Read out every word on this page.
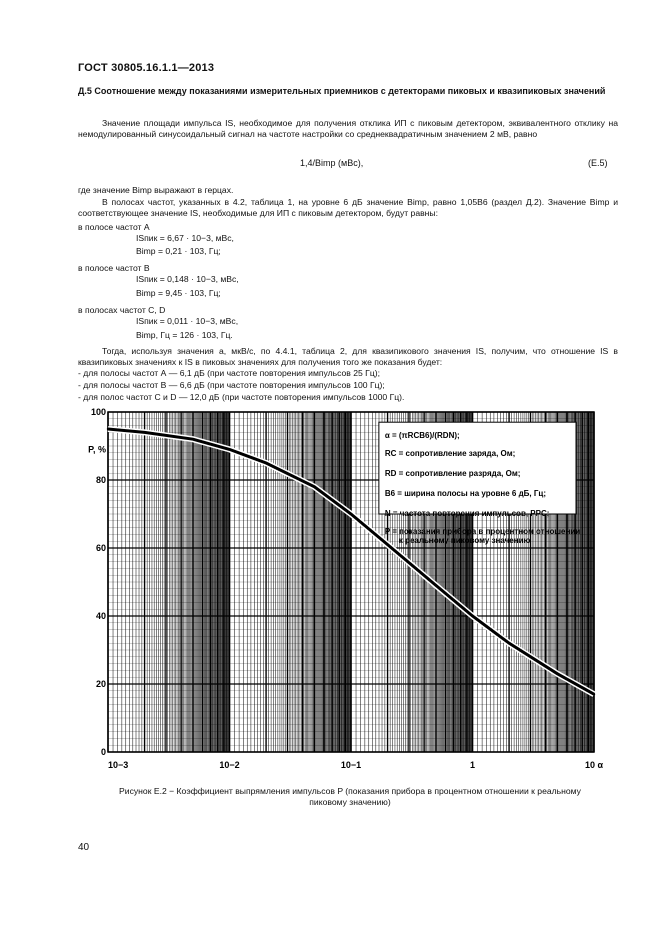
ГОСТ 30805.16.1.1—2013
Д.5 Соотношение между показаниями измерительных приемников с детекторами пиковых и квазипиковых значений
Значение площади импульса IS, необходимое для получения отклика ИП с пиковым детектором, эквивалентного отклику на немодулированный синусоидальный сигнал на частоте настройки со среднеквадратичным значением 2 мВ, равно
1,4/Bimp (мВс),	(Е.5)
где значение Bimp выражают в герцах.
В полосах частот, указанных в 4.2, таблица 1, на уровне 6 дБ значение Bimp, равно 1,05B6 (раздел Д.2). Значение Bimp и соответствующее значение IS, необходимые для ИП с пиковым детектором, будут равны:
в полосе частот А
ISпик = 6,67 · 10−3, мВс,
Bimp = 0,21 · 103, Гц;
в полосе частот В
ISпик = 0,148 · 10−3, мВс,
Bimp = 9,45 · 103, Гц;
в полосах частот С, D
ISпик = 0,011 · 10−3, мВс,
Bimp, Гц = 126 · 103, Гц.
Тогда, используя значения а, мкВ/с, по 4.4.1, таблица 2, для квазипикового значения IS, получим, что отношение IS в квазипиковых значениях к IS в пиковых значениях для получения того же показания будет:
- для полосы частот А — 6,1 дБ (при частоте повторения импульсов 25 Гц);
- для полосы частот В — 6,6 дБ (при частоте повторения импульсов 100 Гц);
- для полос частот С и D — 12,0 дБ (при частоте повторения импульсов 1000 Гц).
0
20
40
60
80
100
P, %
10−3	10−2	10−1	1	10 α
α = (πRCB6)/(RDN);
RC = сопротивление заряда, Ом;
RD = сопротивление разряда, Ом;
B6 = ширина полосы на уровне 6 дБ, Гц;
N = частота повторения импульсов, PPC;
P = показания прибора в процентном отношении
к реальному пиковому значению
Рисунок Е.2 − Коэффициент выпрямления импульсов P (показания прибора в процентном отношении к реальному пиковому значению)
40
